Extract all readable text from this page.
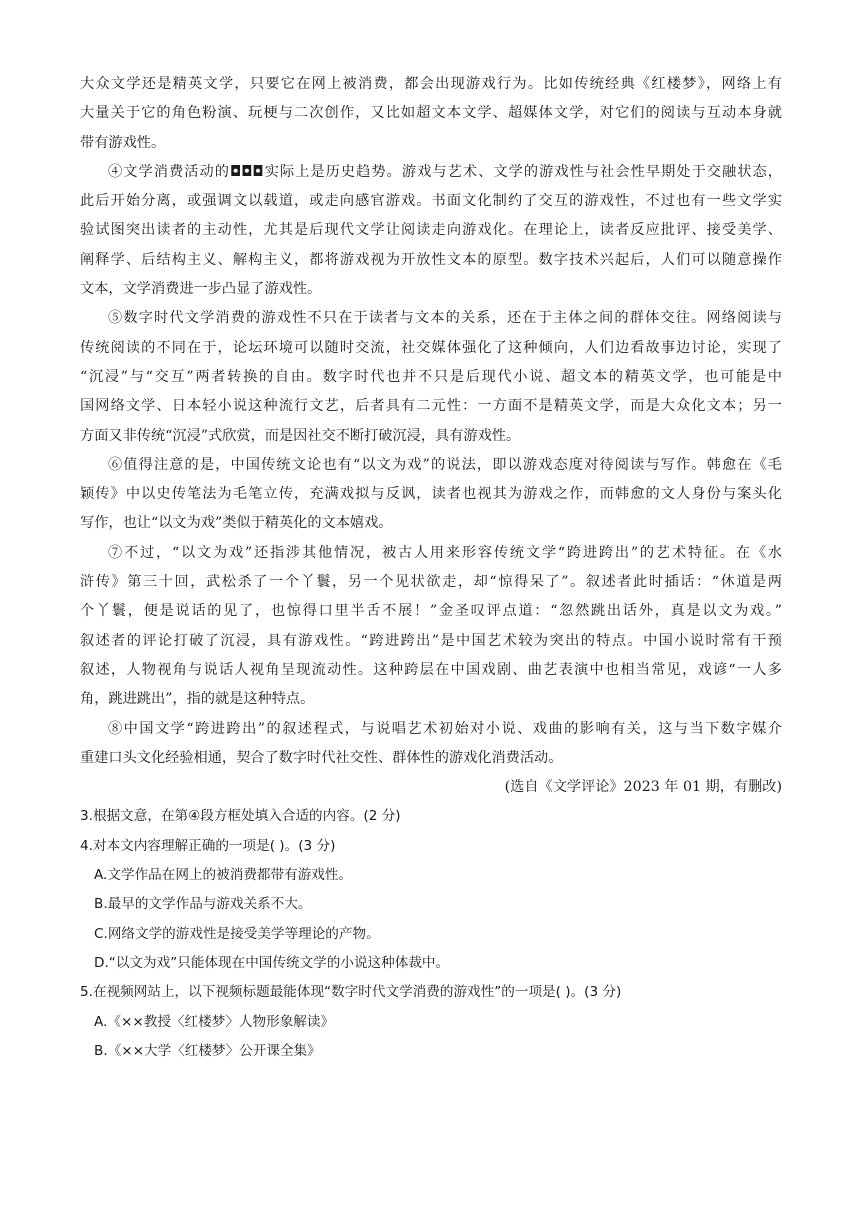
大众文学还是精英文学，只要它在网上被消费，都会出现游戏行为。比如传统经典《红楼梦》，网络上有
大量关于它的角色粉演、玩梗与二次创作，又比如超文本文学、超媒体文学，对它们的阅读与互动本身就
带有游戏性。
④文学消费活动的◘◘◘实际上是历史趋势。游戏与艺术、文学的游戏性与社会性早期处于交融状态，
此后开始分离，或强调文以载道，或走向感官游戏。书面文化制约了交互的游戏性，不过也有一些文学实
验试图突出读者的主动性，尤其是后现代文学让阅读走向游戏化。在理论上，读者反应批评、接受美学、
阐释学、后结构主义、解构主义，都将游戏视为开放性文本的原型。数字技术兴起后，人们可以随意操作
文本，文学消费进一步凸显了游戏性。
⑤数字时代文学消费的游戏性不只在于读者与文本的关系，还在于主体之间的群体交往。网络阅读与
传统阅读的不同在于，论坛环境可以随时交流，社交媒体强化了这种倾向，人们边看故事边讨论，实现了
“沉浸”与“交互”两者转换的自由。数字时代也并不只是后现代小说、超文本的精英文学，也可能是中
国网络文学、日本轻小说这种流行文艺，后者具有二元性：一方面不是精英文学，而是大众化文本；另一
方面又非传统“沉浸”式欣赏，而是因社交不断打破沉浸，具有游戏性。
⑥值得注意的是，中国传统文论也有“以文为戏”的说法，即以游戏态度对待阅读与写作。韩愈在《毛
颖传》中以史传笔法为毛笔立传，充满戏拟与反讽，读者也视其为游戏之作，而韩愈的文人身份与案头化
写作，也让“以文为戏”类似于精英化的文本嬉戏。
⑦不过，“以文为戏”还指涉其他情况，被古人用来形容传统文学“跨进跨出”的艺术特征。在《水
浒传》第三十回，武松杀了一个丫鬟，另一个见状欲走，却“惊得呆了”。叙述者此时插话：“休道是两
个丫鬟，便是说话的见了，也惊得口里半舌不展！”金圣叹评点道：“忽然跳出话外，真是以文为戏。”
叙述者的评论打破了沉浸，具有游戏性。“跨进跨出”是中国艺术较为突出的特点。中国小说时常有干预
叙述，人物视角与说话人视角呈现流动性。这种跨层在中国戏剧、曲艺表演中也相当常见，戏谚“一人多
角，跳进跳出”，指的就是这种特点。
⑧中国文学“跨进跨出”的叙述程式，与说唱艺术初始对小说、戏曲的影响有关，这与当下数字媒介
重建口头文化经验相通，契合了数字时代社交性、群体性的游戏化消费活动。
(选自《文学评论》2023 年 01 期，有删改)
3.根据文意，在第④段方框处填入合适的内容。(2 分)
4.对本文内容理解正确的一项是( )。(3 分)
A.文学作品在网上的被消费都带有游戏性。
B.最早的文学作品与游戏关系不大。
C.网络文学的游戏性是接受美学等理论的产物。
D.“以文为戏”只能体现在中国传统文学的小说这种体裁中。
5.在视频网站上，以下视频标题最能体现“数字时代文学消费的游戏性”的一项是( )。(3 分)
A.《××教授〈红楼梦〉人物形象解读》
B.《××大学〈红楼梦〉公开课全集》
